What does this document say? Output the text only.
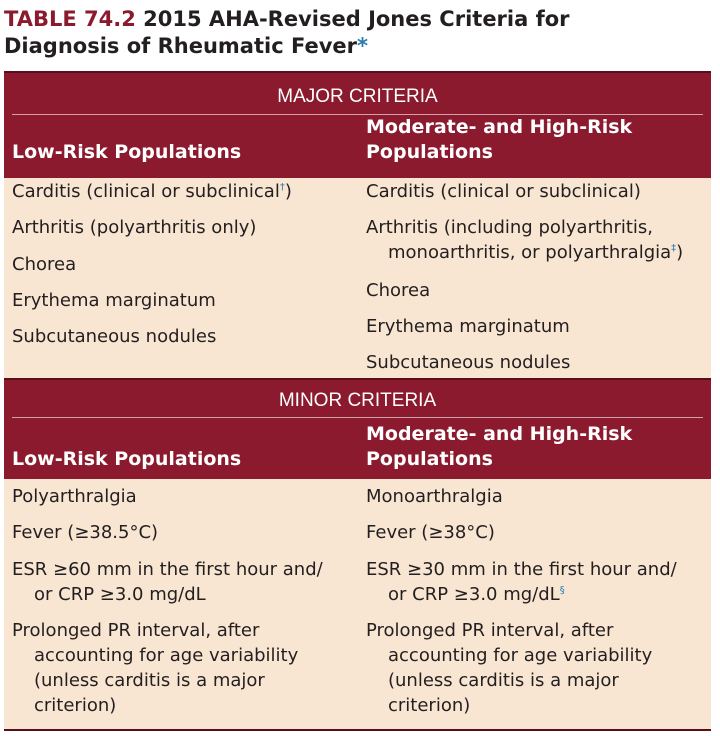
TABLE 74.2 2015 AHA-Revised Jones Criteria for
Diagnosis of Rheumatic Fever*
MAJOR CRITERIA
Low-Risk Populations
Moderate- and High-Risk
Populations
Carditis (clinical or subclinical†)
Arthritis (polyarthritis only)
Chorea
Erythema marginatum
Subcutaneous nodules
Carditis (clinical or subclinical)
Arthritis (including polyarthritis,
monoarthritis, or polyarthralgia‡)
Chorea
Erythema marginatum
Subcutaneous nodules
MINOR CRITERIA
Low-Risk Populations
Moderate- and High-Risk
Populations
Polyarthralgia
Fever (≥38.5°C)
ESR ≥60 mm in the first hour and/
or CRP ≥3.0 mg/dL
Prolonged PR interval, after
accounting for age variability
(unless carditis is a major
criterion)
Monoarthralgia
Fever (≥38°C)
ESR ≥30 mm in the first hour and/
or CRP ≥3.0 mg/dL§
Prolonged PR interval, after
accounting for age variability
(unless carditis is a major
criterion)
